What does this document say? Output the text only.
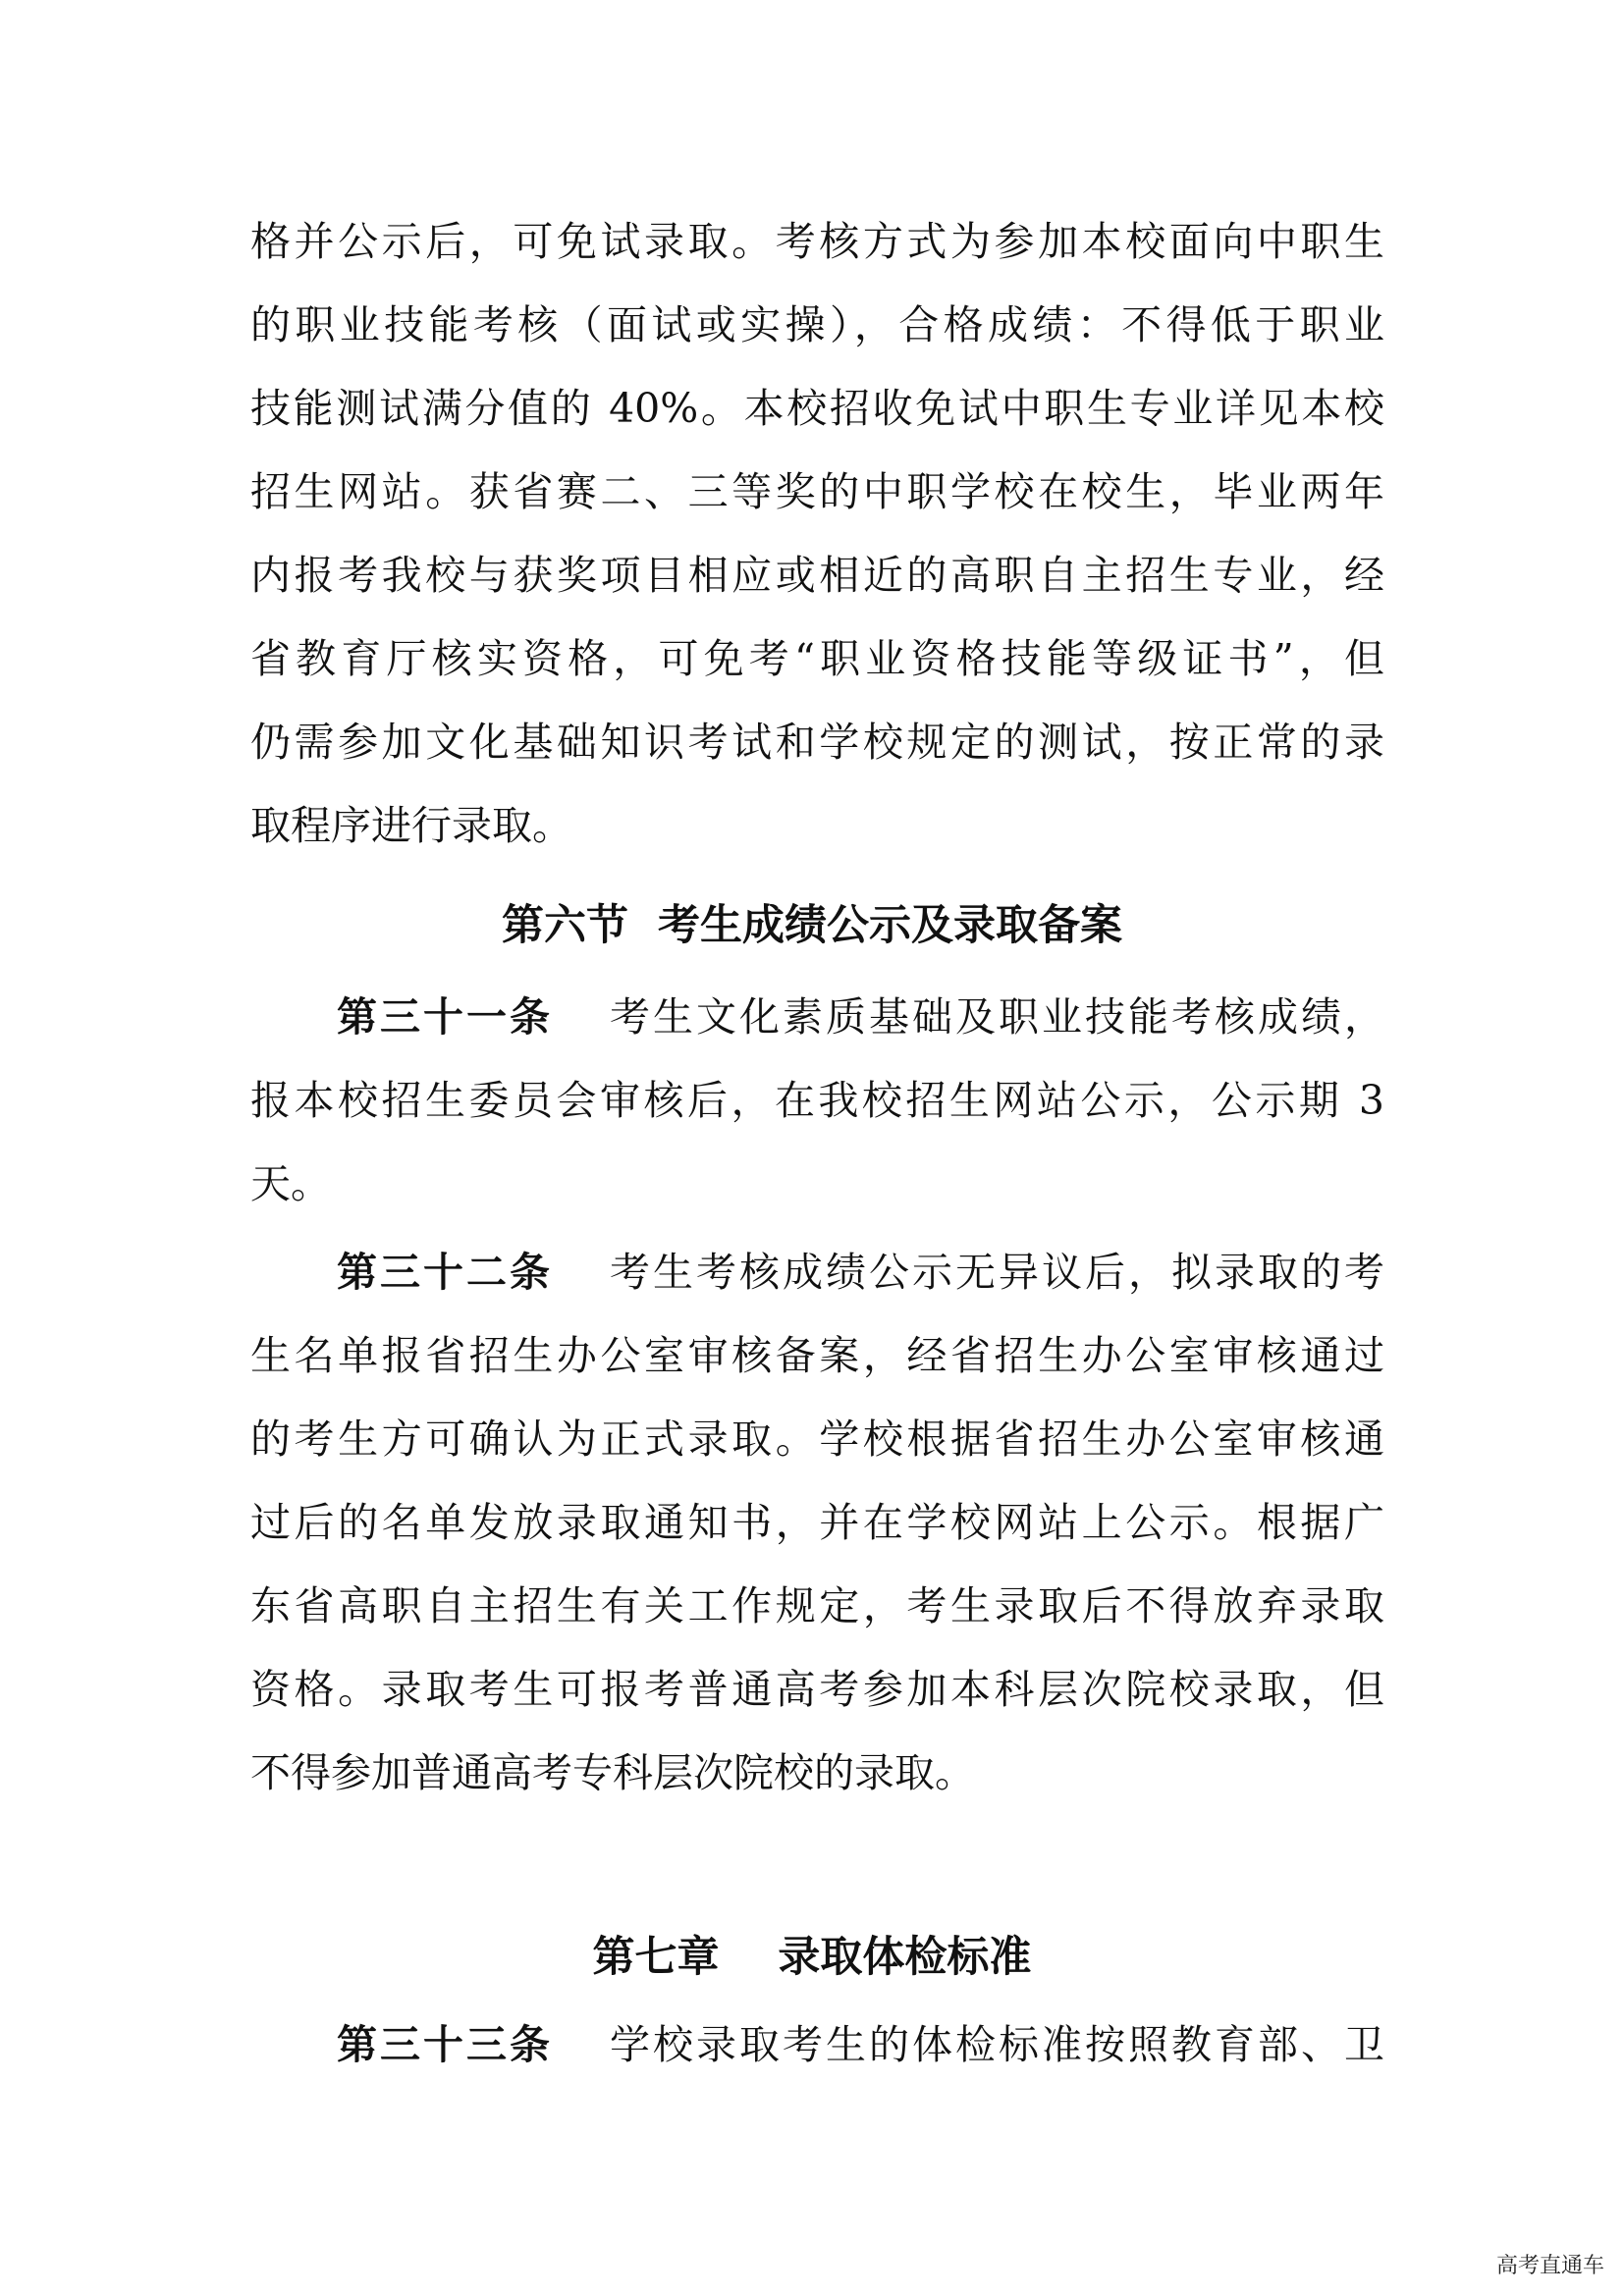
格并公示后，可免试录取。考核方式为参加本校面向中职生
的职业技能考核（面试或实操），合格成绩：不得低于职业
技能测试满分值的 40%。本校招收免试中职生专业详见本校
招生网站。获省赛二、三等奖的中职学校在校生，毕业两年
内报考我校与获奖项目相应或相近的高职自主招生专业，经
省教育厅核实资格，可免考“职业资格技能等级证书”，但
仍需参加文化基础知识考试和学校规定的测试，按正常的录
取程序进行录取。
第六节  考生成绩公示及录取备案
第三十一条 考生文化素质基础及职业技能考核成绩，
报本校招生委员会审核后，在我校招生网站公示，公示期 3
天。
第三十二条 考生考核成绩公示无异议后，拟录取的考
生名单报省招生办公室审核备案，经省招生办公室审核通过
的考生方可确认为正式录取。学校根据省招生办公室审核通
过后的名单发放录取通知书，并在学校网站上公示。根据广
东省高职自主招生有关工作规定，考生录取后不得放弃录取
资格。录取考生可报考普通高考参加本科层次院校录取，但
不得参加普通高考专科层次院校的录取。
第七章    录取体检标准
第三十三条 学校录取考生的体检标准按照教育部、卫
高考直通车
